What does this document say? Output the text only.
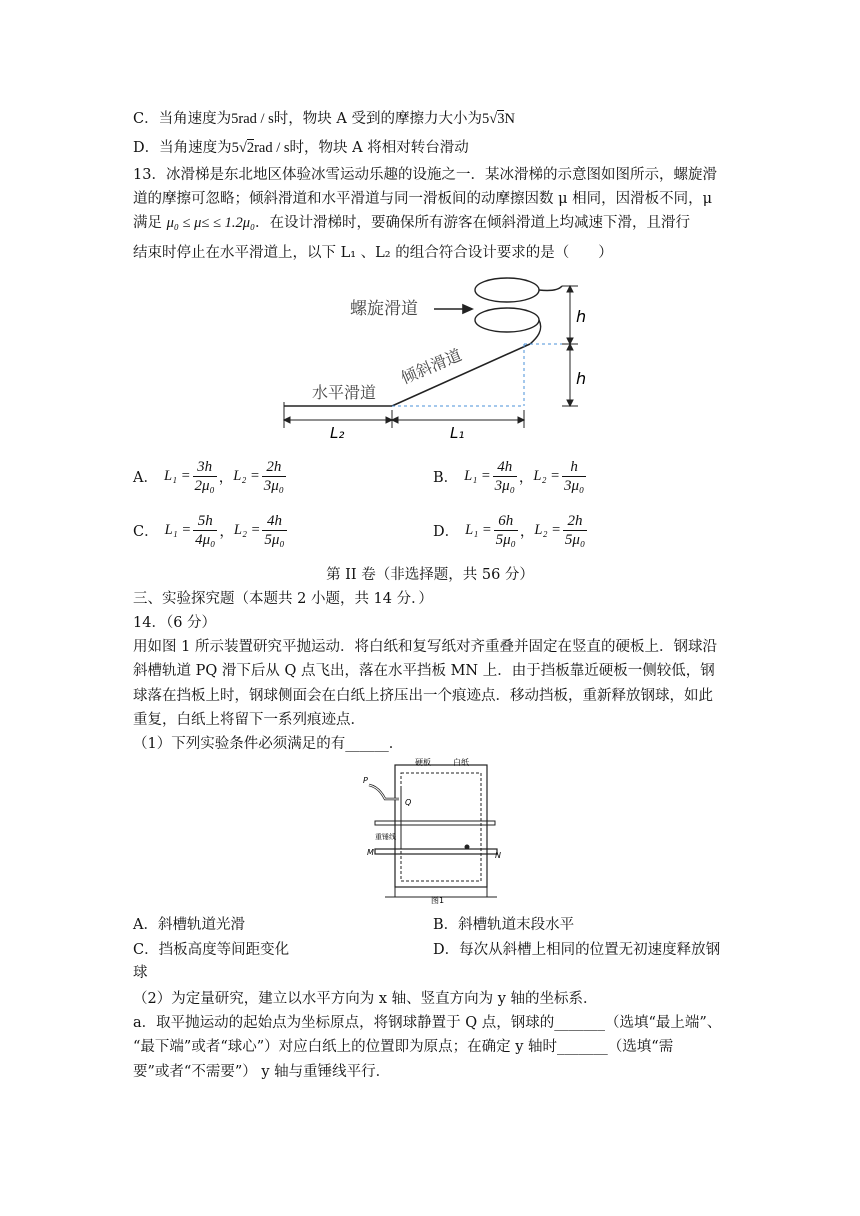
C．当角速度为5rad / s时，物块 A 受到的摩擦力大小为5√3N
D．当角速度为5√2rad / s时，物块 A 将相对转台滑动
13．冰滑梯是东北地区体验冰雪运动乐趣的设施之一．某冰滑梯的示意图如图所示，螺旋滑
道的摩擦可忽略；倾斜滑道和水平滑道与同一滑板间的动摩擦因数 μ 相同，因滑板不同，μ
满足 μ₀ ≤ μ≤ ≤ 1.2μ₀．在设计滑梯时，要确保所有游客在倾斜滑道上均减速下滑，且滑行
结束时停止在水平滑道上，以下 L₁ 、L₂ 的组合符合设计要求的是（　　）
h
h
螺旋滑道
倾斜滑道
水平滑道
L₂	L₁
A． $L_1 = \frac{3h}{\text{2μ₀}}$ ， $L_2 = \frac{2h}{\text{3μ₀}}$	B． $L_1 = \frac{4h}{\text{3μ₀}}$ ， $L_2 = \frac{h}{\text{3μ₀}}$
C． $L_1 = \frac{5h}{\text{4μ₀}}$ ， $L_2 = \frac{4h}{\text{5μ₀}}$	D． $L_1 = \frac{6h}{\text{5μ₀}}$ ， $L_2 = \frac{2h}{\text{5μ₀}}$
第 II 卷（非选择题，共 56 分）
三、实验探究题（本题共 2 小题，共 14 分．）
14．（6 分）
用如图 1 所示装置研究平抛运动．将白纸和复写纸对齐重叠并固定在竖直的硬板上．钢球沿
斜槽轨道 PQ 滑下后从 Q 点飞出，落在水平挡板 MN 上．由于挡板靠近硬板一侧较低，钢
球落在挡板上时，钢球侧面会在白纸上挤压出一个痕迹点．移动挡板，重新释放钢球，如此
重复，白纸上将留下一系列痕迹点．
（1）下列实验条件必须满足的有______．
硬板	白纸
P
Q
重锤线
M	N
图1
A．斜槽轨道光滑	B．斜槽轨道末段水平
C．挡板高度等间距变化	D．每次从斜槽上相同的位置无初速度释放钢
球
（2）为定量研究，建立以水平方向为 x 轴、竖直方向为 y 轴的坐标系．
a．取平抛运动的起始点为坐标原点，将钢球静置于 Q 点，钢球的_______（选填“最上端”、
“最下端”或者“球心”）对应白纸上的位置即为原点；在确定 y 轴时_______（选填“需
要”或者“不需要”） y 轴与重锤线平行．
